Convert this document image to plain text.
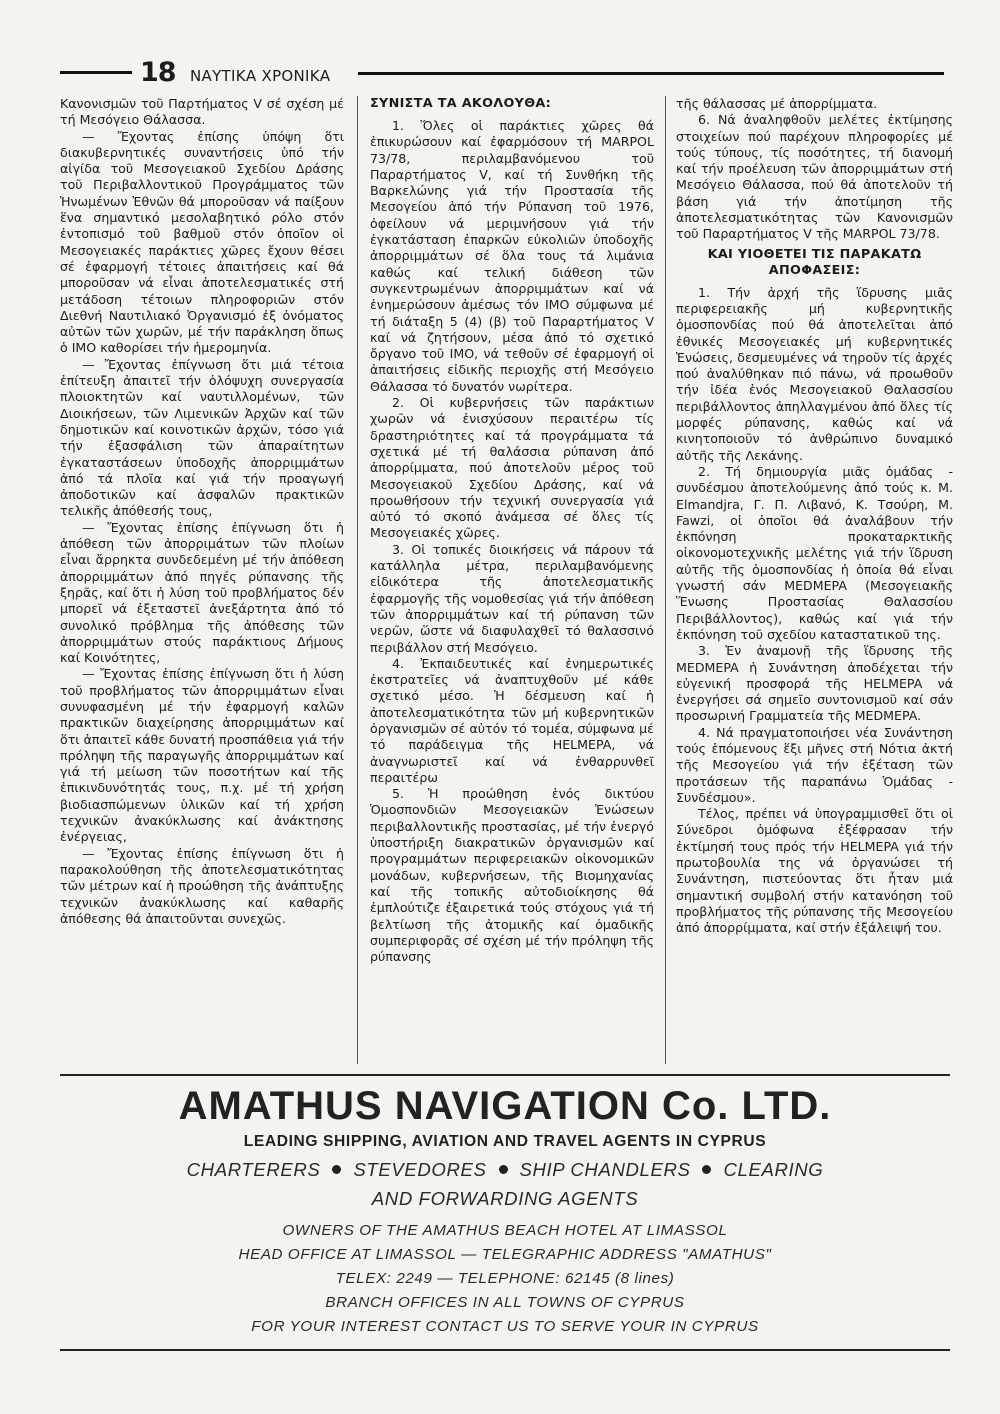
18 ΝΑΥΤΙΚΑ ΧΡΟΝΙΚΑ

Κανονισμῶν τοῦ Παρτήματος V σέ σχέση μέ τή Μεσόγειο Θάλασσα.

— Ἔχοντας ἐπίσης ὑπόψη ὅτι διακυβερνητικές συναντήσεις ὑπό τήν αἰγίδα τοῦ Μεσογειακοῦ Σχεδίου Δράσης τοῦ Περιβαλλοντικοῦ Προγράμματος τῶν Ἡνωμένων Ἐθνῶν θά μποροῦσαν νά παίξουν ἕνα σημαντικό μεσολαβητικό ρόλο στόν ἐντοπισμό τοῦ βαθμοῦ στόν ὁποῖον οἱ Μεσογειακές παράκτιες χῶρες ἔχουν θέσει σέ ἐφαρμογή τέτοιες ἀπαιτήσεις καί θά μποροῦσαν νά εἶναι ἀποτελεσματικές στή μετάδοση τέτοιων πληροφοριῶν στόν Διεθνή Ναυτιλιακό Ὀργανισμό ἐξ ὀνόματος αὐτῶν τῶν χωρῶν, μέ τήν παράκληση ὅπως ὁ ΙΜΟ καθορίσει τήν ἡμερομηνία.

— Ἔχοντας ἐπίγνωση ὅτι μιά τέτοια ἐπίτευξη ἀπαιτεῖ τήν ὁλόψυχη συνεργασία πλοιοκτητῶν καί ναυτιλλομένων, τῶν Διοικήσεων, τῶν Λιμενικῶν Ἀρχῶν καί τῶν δημοτικῶν καί κοινοτικῶν ἀρχῶν, τόσο γιά τήν ἐξασφάλιση τῶν ἀπαραίτητων ἐγκαταστάσεων ὑποδοχῆς ἀπορριμμάτων ἀπό τά πλοῖα καί γιά τήν προαγωγή ἀποδοτικῶν καί ἀσφαλῶν πρακτικῶν τελικῆς ἀπόθεσής τους,

— Ἔχοντας ἐπίσης ἐπίγνωση ὅτι ἡ ἀπόθεση τῶν ἀπορριμάτων τῶν πλοίων εἶναι ἄρρηκτα συνδεδεμένη μέ τήν ἀπόθεση ἀπορριμμάτων ἀπό πηγές ρύπανσης τῆς ξηρᾶς, καί ὅτι ἡ λύση τοῦ προβλήματος δέν μπορεῖ νά ἐξεταστεῖ ἀνεξάρτητα ἀπό τό συνολικό πρόβλημα τῆς ἀπόθεσης τῶν ἀπορριμμάτων στούς παράκτιους Δήμους καί Κοινότητες,

— Ἔχοντας ἐπίσης ἐπίγνωση ὅτι ἡ λύση τοῦ προβλήματος τῶν ἀπορριμμάτων εἶναι συνυφασμένη μέ τήν ἐφαρμογή καλῶν πρακτικῶν διαχείρησης ἀπορριμμάτων καί ὅτι ἀπαιτεῖ κάθε δυνατή προσπάθεια γιά τήν πρόληψη τῆς παραγωγῆς ἀπορριμμάτων καί γιά τή μείωση τῶν ποσοτήτων καί τῆς ἐπικινδυνότητάς τους, π.χ. μέ τή χρήση βιοδιασπώμενων ὑλικῶν καί τή χρήση τεχνικῶν ἀνακύκλωσης καί ἀνάκτησης ἐνέργειας,

— Ἔχοντας ἐπίσης ἐπίγνωση ὅτι ἡ παρακολούθηση τῆς ἀποτελεσματικότητας τῶν μέτρων καί ἡ προώθηση τῆς ἀνάπτυξης τεχνικῶν ἀνακύκλωσης καί καθαρῆς ἀπόθεσης θά ἀπαιτοῦνται συνεχῶς.

ΣΥΝΙΣΤΑ ΤΑ ΑΚΟΛΟΥΘΑ:

1. Ὅλες οἱ παράκτιες χῶρες θά ἐπικυρώσουν καί ἐφαρμόσουν τή MARPOL 73/78, περιλαμβανόμενου τοῦ Παραρτήματος V, καί τή Συνθήκη τῆς Βαρκελώνης γιά τήν Προστασία τῆς Μεσογείου ἀπό τήν Ρύπανση τοῦ 1976, ὀφείλουν νά μεριμνήσουν γιά τήν ἐγκατάσταση ἐπαρκῶν εὐκολιῶν ὑποδοχῆς ἀπορριμμάτων σέ ὅλα τους τά λιμάνια καθώς καί τελική διάθεση τῶν συγκεντρωμένων ἀπορριμμάτων καί νά ἐνημερώσουν ἀμέσως τόν ΙΜΟ σύμφωνα μέ τή διάταξη 5 (4) (β) τοῦ Παραρτήματος V καί νά ζητήσουν, μέσα ἀπό τό σχετικό ὄργανο τοῦ ΙΜΟ, νά τεθοῦν σέ ἐφαρμογή οἱ ἀπαιτήσεις εἰδικῆς περιοχῆς στή Μεσόγειο Θάλασσα τό δυνατόν νωρίτερα.

2. Οἱ κυβερνήσεις τῶν παράκτιων χωρῶν νά ἐνισχύσουν περαιτέρω τίς δραστηριότητες καί τά προγράμματα τά σχετικά μέ τή θαλάσσια ρύπανση ἀπό ἀπορρίμματα, πού ἀποτελοῦν μέρος τοῦ Μεσογειακοῦ Σχεδίου Δράσης, καί νά προωθήσουν τήν τεχνική συνεργασία γιά αὐτό τό σκοπό ἀνάμεσα σέ ὅλες τίς Μεσογειακές χῶρες.

3. Οἱ τοπικές διοικήσεις νά πάρουν τά κατάλληλα μέτρα, περιλαμβανόμενης εἰδικότερα τῆς ἀποτελεσματικῆς ἐφαρμογῆς τῆς νομοθεσίας γιά τήν ἀπόθεση τῶν ἀπορριμμάτων καί τή ρύπανση τῶν νερῶν, ὥστε νά διαφυλαχθεῖ τό θαλασσινό περιβάλλον στή Μεσόγειο.

4. Ἐκπαιδευτικές καί ἐνημερωτικές ἐκστρατεῖες νά ἀναπτυχθοῦν μέ κάθε σχετικό μέσο. Ἡ δέσμευση καί ἡ ἀποτελεσματικότητα τῶν μή κυβερνητικῶν ὀργανισμῶν σέ αὐτόν τό τομέα, σύμφωνα μέ τό παράδειγμα τῆς HELMEPA, νά ἀναγνωριστεῖ καί νά ἐνθαρρυνθεῖ περαιτέρω

5. Ἡ προώθηση ἑνός δικτύου Ὁμοσπονδιῶν Μεσογειακῶν Ἑνώσεων περιβαλλοντικῆς προστασίας, μέ τήν ἐνεργό ὑποστήριξη διακρατικῶν ὀργανισμῶν καί προγραμμάτων περιφερειακῶν οἰκονομικῶν μονάδων, κυβερνήσεων, τῆς Βιομηχανίας καί τῆς τοπικῆς αὐτοδιοίκησης θά ἐμπλούτιζε ἐξαιρετικά τούς στόχους γιά τή βελτίωση τῆς ἀτομικῆς καί ὁμαδικῆς συμπεριφορᾶς σέ σχέση μέ τήν πρόληψη τῆς ρύπανσης

τῆς θάλασσας μέ ἀπορρίμματα.

6. Νά ἀναληφθοῦν μελέτες ἐκτίμησης στοιχείων πού παρέχουν πληροφορίες μέ τούς τύπους, τίς ποσότητες, τή διανομή καί τήν προέλευση τῶν ἀπορριμμάτων στή Μεσόγειο Θάλασσα, πού θά ἀποτελοῦν τή βάση γιά τήν ἀποτίμηση τῆς ἀποτελεσματικότητας τῶν Κανονισμῶν τοῦ Παραρτήματος V τῆς MARPOL 73/78.

ΚΑΙ ΥΙΟΘΕΤΕΙ ΤΙΣ ΠΑΡΑΚΑΤΩ ΑΠΟΦΑΣΕΙΣ:

1. Τήν ἀρχή τῆς ἵδρυσης μιᾶς περιφερειακῆς μή κυβερνητικῆς ὁμοσπονδίας πού θά ἀποτελεῖται ἀπό ἐθνικές Μεσογειακές μή κυβερνητικές Ἑνώσεις, δεσμευμένες νά τηροῦν τίς ἀρχές πού ἀναλύθηκαν πιό πάνω, νά προωθοῦν τήν ἰδέα ἑνός Μεσογειακοῦ Θαλασσίου περιβάλλοντος ἀπηλλαγμένου ἀπό ὅλες τίς μορφές ρύπανσης, καθώς καί νά κινητοποιοῦν τό ἀνθρώπινο δυναμικό αὐτῆς τῆς Λεκάνης.

2. Τή δημιουργία μιᾶς ὁμάδας - συνδέσμου ἀποτελούμενης ἀπό τούς κ. M. Elmandjra, Γ. Π. Λιβανό, Κ. Τσούρη, Μ. Fawzi, οἱ ὁποῖοι θά ἀναλάβουν τήν ἐκπόνηση προκαταρκτικῆς οἰκονομοτεχνικῆς μελέτης γιά τήν ἵδρυση αὐτῆς τῆς ὁμοσπονδίας ἡ ὁποία θά εἶναι γνωστή σάν MEDMEPA (Μεσογειακῆς Ἕνωσης Προστασίας Θαλασσίου Περιβάλλοντος), καθώς καί γιά τήν ἐκπόνηση τοῦ σχεδίου καταστατικοῦ της.

3. Ἐν ἀναμονῇ τῆς ἵδρυσης τῆς MEDMEPA ἡ Συνάντηση ἀποδέχεται τήν εὐγενική προσφορά τῆς HELMEPA νά ἐνεργήσει σά σημεῖο συντονισμοῦ καί σάν προσωρινή Γραμματεία τῆς MEDMEPA.

4. Νά πραγματοποιήσει νέα Συνάντηση τούς ἑπόμενους ἕξι μῆνες στή Νότια ἀκτή τῆς Μεσογείου γιά τήν ἐξέταση τῶν προτάσεων τῆς παραπάνω Ὁμάδας - Συνδέσμου».

Τέλος, πρέπει νά ὑπογραμμισθεῖ ὅτι οἱ Σύνεδροι ὁμόφωνα ἐξέφρασαν τήν ἐκτίμησή τους πρός τήν HELMEPA γιά τήν πρωτοβουλία της νά ὀργανώσει τή Συνάντηση, πιστεύοντας ὅτι ἦταν μιά σημαντική συμβολή στήν κατανόηση τοῦ προβλήματος τῆς ρύπανσης τῆς Μεσογείου ἀπό ἀπορρίμματα, καί στήν ἐξάλειψή του.

AMATHUS NAVIGATION Co. LTD.
LEADING SHIPPING, AVIATION AND TRAVEL AGENTS IN CYPRUS
CHARTERERS STEVEDORES SHIP CHANDLERS CLEARING
AND FORWARDING AGENTS
OWNERS OF THE AMATHUS BEACH HOTEL AT LIMASSOL
HEAD OFFICE AT LIMASSOL — TELEGRAPHIC ADDRESS "AMATHUS"
TELEX: 2249 — TELEPHONE: 62145 (8 lines)
BRANCH OFFICES IN ALL TOWNS OF CYPRUS
FOR YOUR INTEREST CONTACT US TO SERVE YOUR IN CYPRUS
